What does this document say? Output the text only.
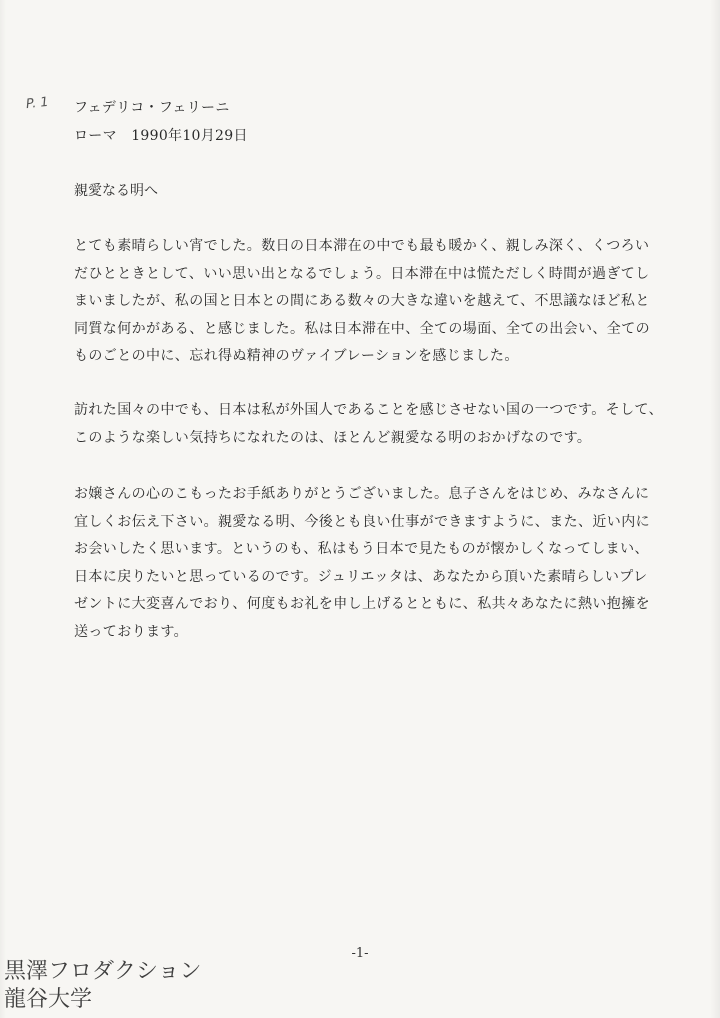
P. 1 フェデリコ・フェリーニ
ローマ　1990年10月29日
親愛なる明へ
とても素晴らしい宵でした。数日の日本滞在の中でも最も暖かく、親しみ深く、くつろい
だひとときとして、いい思い出となるでしょう。日本滞在中は慌ただしく時間が過ぎてし
まいましたが、私の国と日本との間にある数々の大きな違いを越えて、不思議なほど私と
同質な何かがある、と感じました。私は日本滞在中、全ての場面、全ての出会い、全ての
ものごとの中に、忘れ得ぬ精神のヴァイブレーションを感じました。
訪れた国々の中でも、日本は私が外国人であることを感じさせない国の一つです。そして、
このような楽しい気持ちになれたのは、ほとんど親愛なる明のおかげなのです。
お嬢さんの心のこもったお手紙ありがとうございました。息子さんをはじめ、みなさんに
宜しくお伝え下さい。親愛なる明、今後とも良い仕事ができますように、また、近い内に
お会いしたく思います。というのも、私はもう日本で見たものが懐かしくなってしまい、
日本に戻りたいと思っているのです。ジュリエッタは、あなたから頂いた素晴らしいプレ
ゼントに大変喜んでおり、何度もお礼を申し上げるとともに、私共々あなたに熱い抱擁を
送っております。
-1-
黒澤フロダクション
龍谷大学
